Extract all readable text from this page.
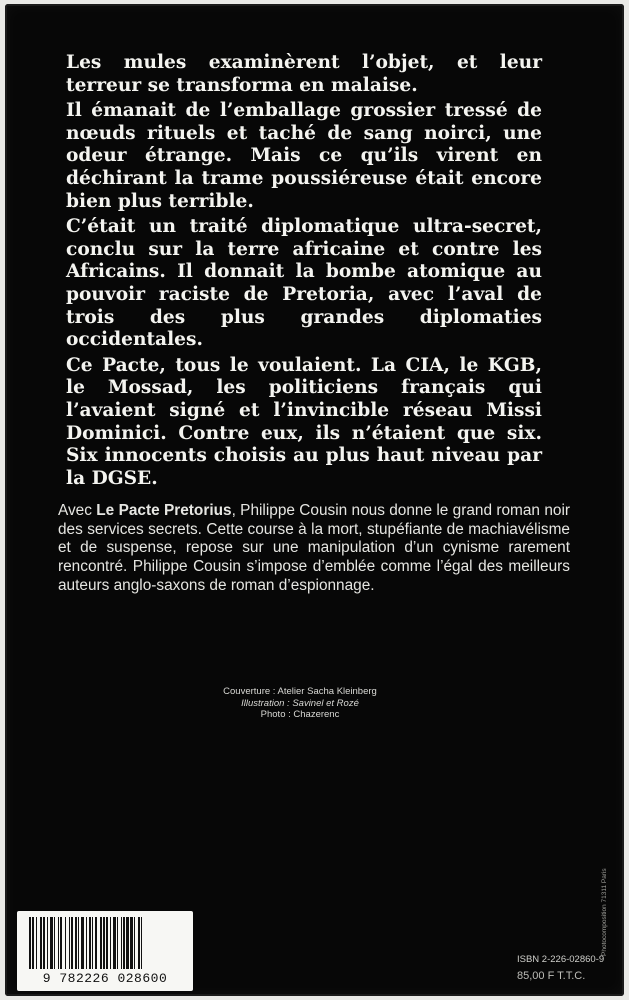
Les mules examinèrent l’objet, et leur terreur se transforma en malaise.

Il émanait de l’emballage grossier tressé de nœuds rituels et taché de sang noirci, une odeur étrange. Mais ce qu’ils virent en déchirant la trame poussiéreuse était encore bien plus terrible.

C’était un traité diplomatique ultra-secret, conclu sur la terre africaine et contre les Africains. Il donnait la bombe atomique au pouvoir raciste de Pretoria, avec l’aval de trois des plus grandes diplomaties occidentales.

Ce Pacte, tous le voulaient. La CIA, le KGB, le Mossad, les politiciens français qui l’avaient signé et l’invincible réseau Missi Dominici. Contre eux, ils n’étaient que six. Six innocents choisis au plus haut niveau par la DGSE.

Avec Le Pacte Pretorius, Philippe Cousin nous donne le grand roman noir des services secrets. Cette course à la mort, stupéfiante de machiavélisme et de suspense, repose sur une manipulation d’un cynisme rarement rencontré. Philippe Cousin s’impose d’emblée comme l’égal des meilleurs auteurs anglo-saxons de roman d’espionnage.
Couverture : Atelier Sacha Kleinberg
Illustration : Savinel et Rozé
Photo : Chazerenc
9 782226 028600
ISBN 2-226-02860-9
85,00 F T.T.C.
Photocomposition 71311 Paris
